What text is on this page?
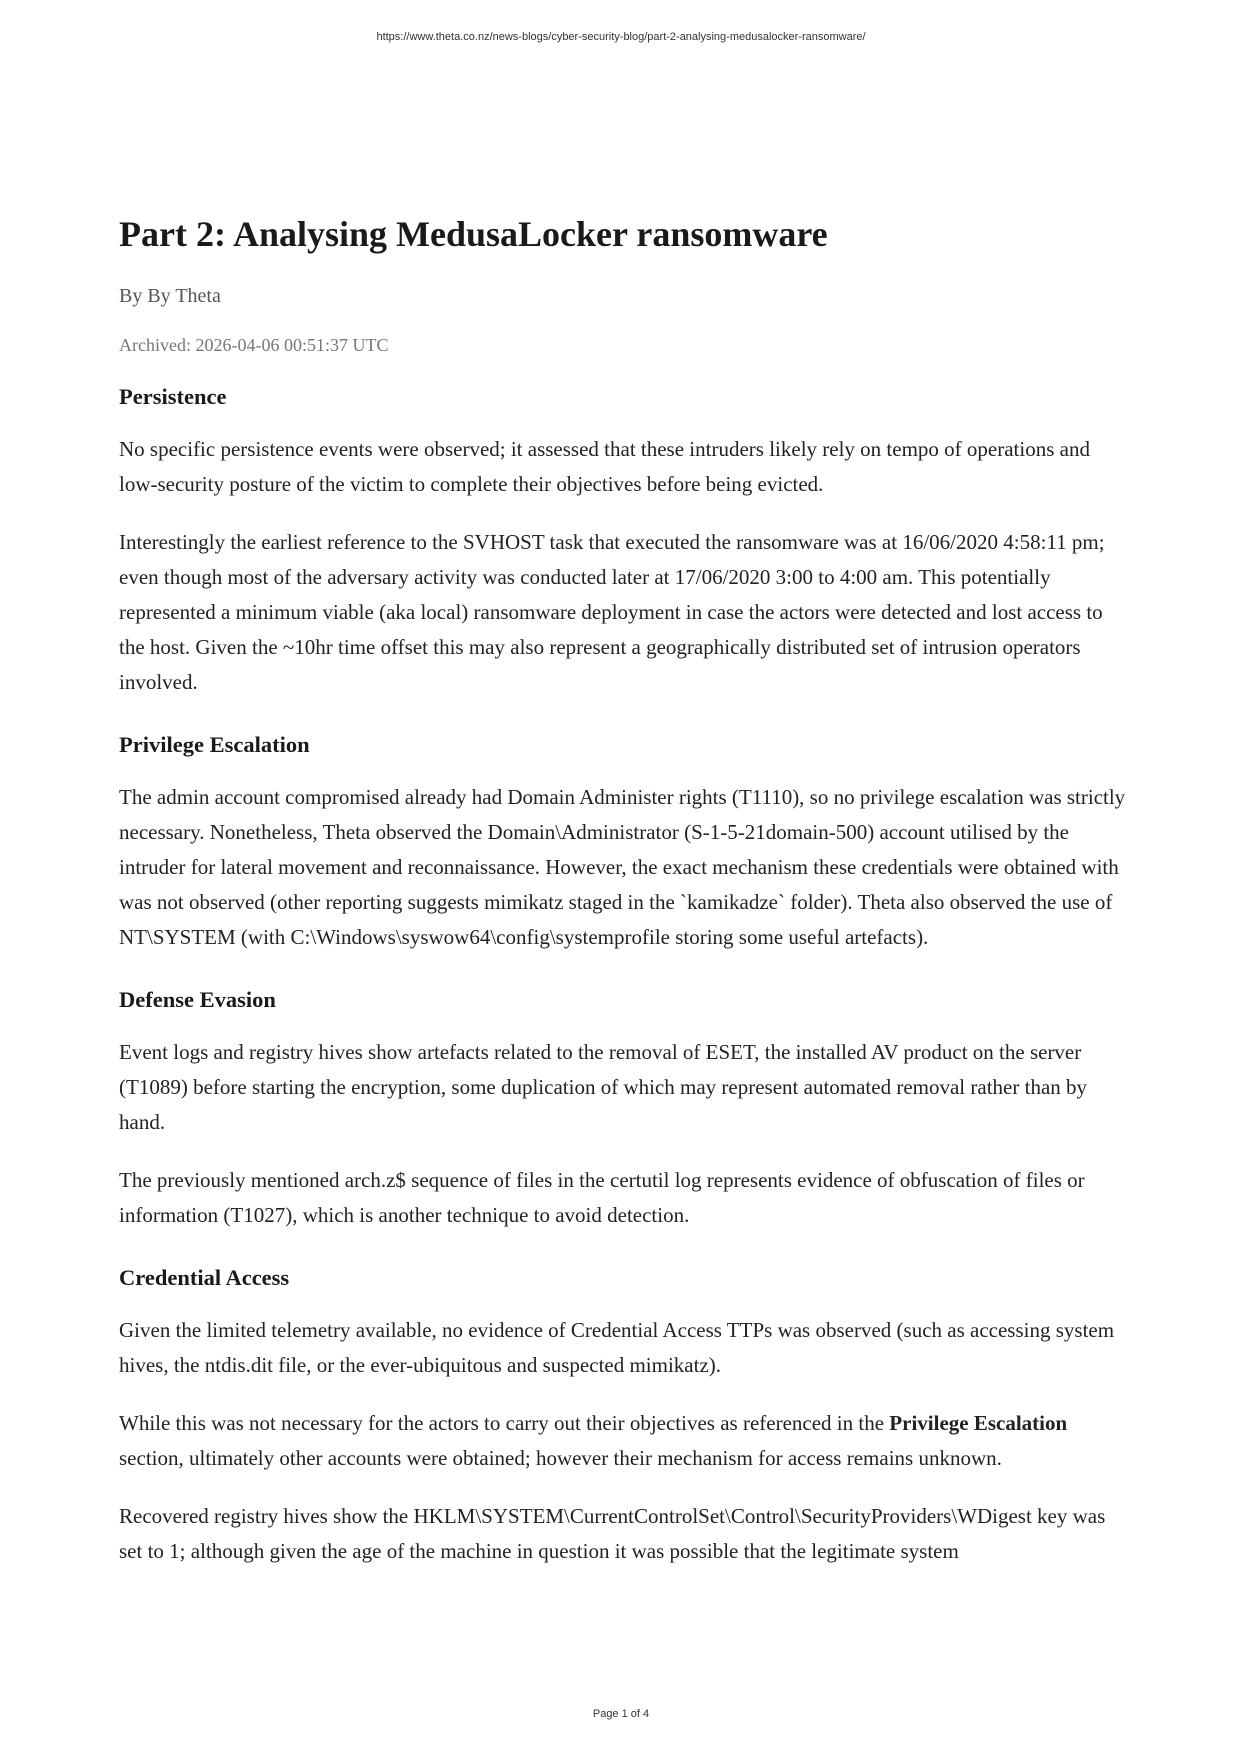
https://www.theta.co.nz/news-blogs/cyber-security-blog/part-2-analysing-medusalocker-ransomware/
Part 2: Analysing MedusaLocker ransomware
By By Theta
Archived: 2026-04-06 00:51:37 UTC
Persistence

No specific persistence events were observed; it assessed that these intruders likely rely on tempo of operations and low-security posture of the victim to complete their objectives before being evicted.

Interestingly the earliest reference to the SVHOST task that executed the ransomware was at 16/06/2020 4:58:11 pm; even though most of the adversary activity was conducted later at 17/06/2020 3:00 to 4:00 am. This potentially represented a minimum viable (aka local) ransomware deployment in case the actors were detected and lost access to the host. Given the ~10hr time offset this may also represent a geographically distributed set of intrusion operators involved.

Privilege Escalation

The admin account compromised already had Domain Administer rights (T1110), so no privilege escalation was strictly necessary. Nonetheless, Theta observed the Domain\Administrator (S-1-5-21domain-500) account utilised by the intruder for lateral movement and reconnaissance. However, the exact mechanism these credentials were obtained with was not observed (other reporting suggests mimikatz staged in the `kamikadze` folder). Theta also observed the use of NT\SYSTEM (with C:\Windows\syswow64\config\systemprofile storing some useful artefacts).

Defense Evasion

Event logs and registry hives show artefacts related to the removal of ESET, the installed AV product on the server (T1089) before starting the encryption, some duplication of which may represent automated removal rather than by hand.

The previously mentioned arch.z$ sequence of files in the certutil log represents evidence of obfuscation of files or information (T1027), which is another technique to avoid detection.

Credential Access

Given the limited telemetry available, no evidence of Credential Access TTPs was observed (such as accessing system hives, the ntdis.dit file, or the ever-ubiquitous and suspected mimikatz).

While this was not necessary for the actors to carry out their objectives as referenced in the Privilege Escalation section, ultimately other accounts were obtained; however their mechanism for access remains unknown.

Recovered registry hives show the HKLM\SYSTEM\CurrentControlSet\Control\SecurityProviders\WDigest key was set to 1; although given the age of the machine in question it was possible that the legitimate system

Page 1 of 4
